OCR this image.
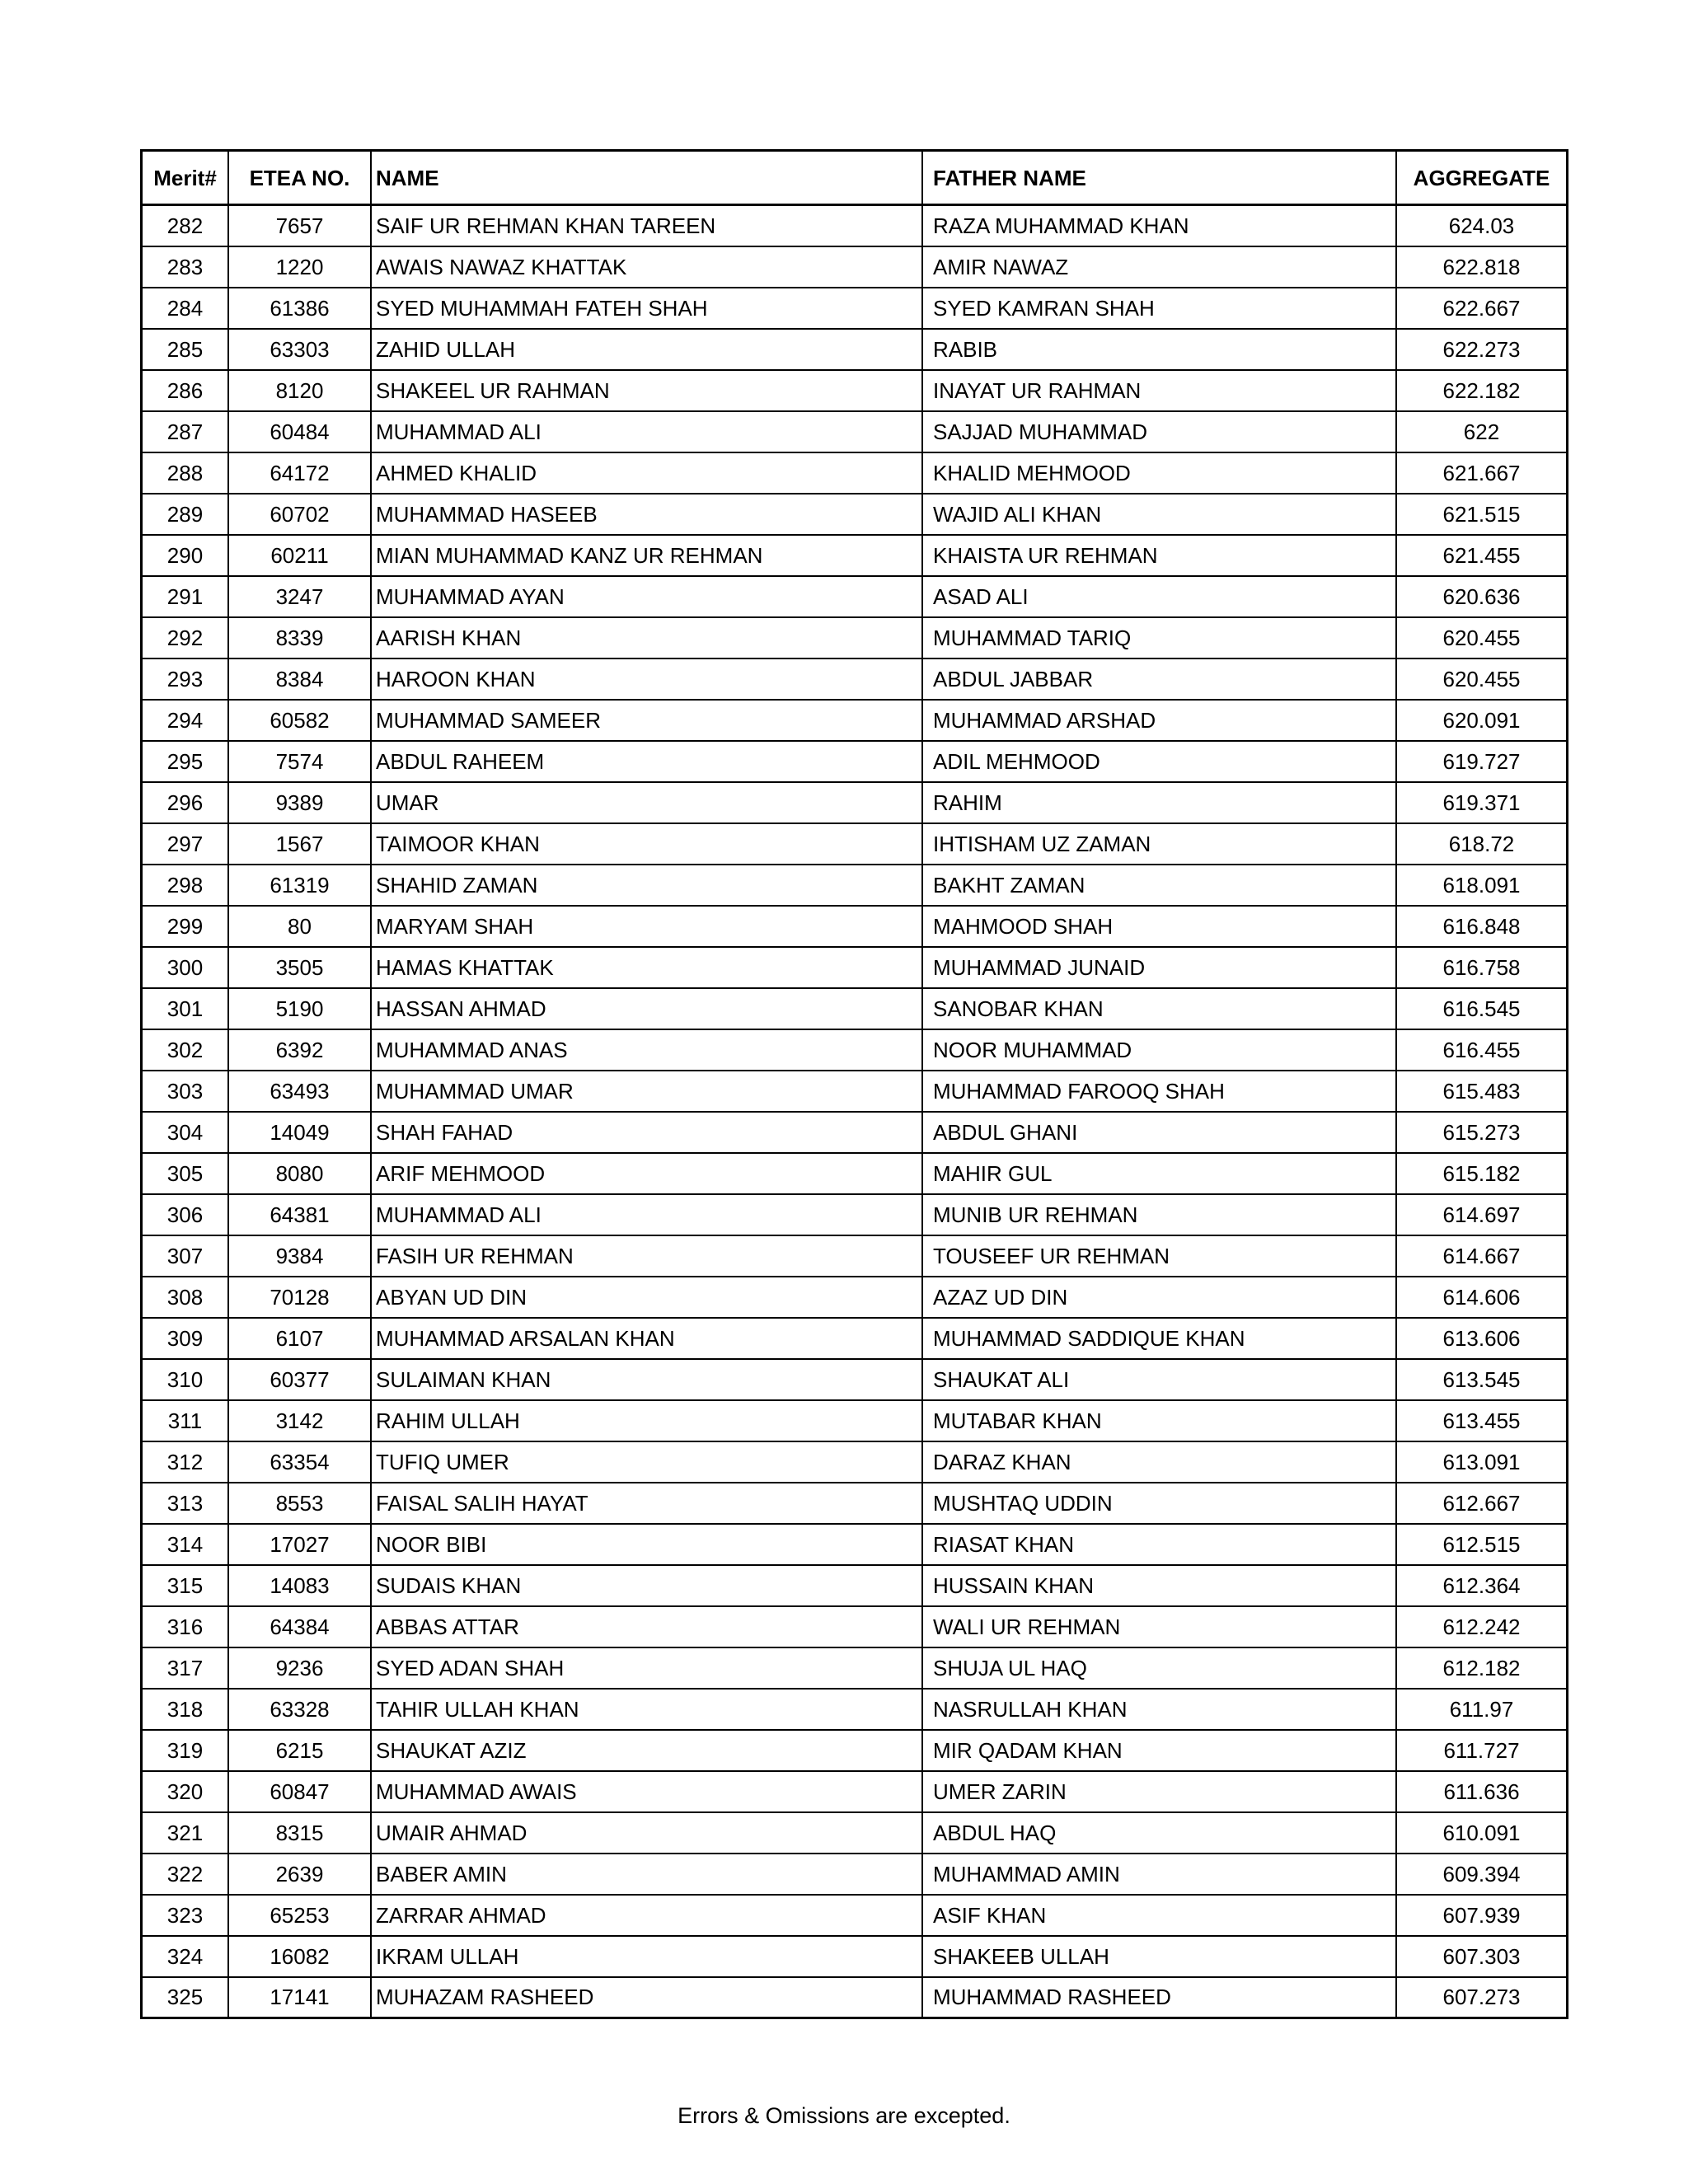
Merit#	ETEA NO.	NAME	FATHER NAME	AGGREGATE
282	7657	SAIF UR REHMAN KHAN TAREEN	RAZA MUHAMMAD KHAN	624.03
283	1220	AWAIS NAWAZ KHATTAK	AMIR NAWAZ	622.818
284	61386	SYED MUHAMMAH FATEH SHAH	SYED KAMRAN SHAH	622.667
285	63303	ZAHID ULLAH	RABIB	622.273
286	8120	SHAKEEL UR RAHMAN	INAYAT UR RAHMAN	622.182
287	60484	MUHAMMAD ALI	SAJJAD MUHAMMAD	622
288	64172	AHMED KHALID	KHALID MEHMOOD	621.667
289	60702	MUHAMMAD HASEEB	WAJID ALI KHAN	621.515
290	60211	MIAN MUHAMMAD KANZ UR REHMAN	KHAISTA UR REHMAN	621.455
291	3247	MUHAMMAD AYAN	ASAD ALI	620.636
292	8339	AARISH KHAN	MUHAMMAD TARIQ	620.455
293	8384	HAROON KHAN	ABDUL JABBAR	620.455
294	60582	MUHAMMAD SAMEER	MUHAMMAD ARSHAD	620.091
295	7574	ABDUL RAHEEM	ADIL MEHMOOD	619.727
296	9389	UMAR	RAHIM	619.371
297	1567	TAIMOOR KHAN	IHTISHAM UZ ZAMAN	618.72
298	61319	SHAHID ZAMAN	BAKHT ZAMAN	618.091
299	80	MARYAM SHAH	MAHMOOD SHAH	616.848
300	3505	HAMAS KHATTAK	MUHAMMAD JUNAID	616.758
301	5190	HASSAN AHMAD	SANOBAR KHAN	616.545
302	6392	MUHAMMAD ANAS	NOOR MUHAMMAD	616.455
303	63493	MUHAMMAD UMAR	MUHAMMAD FAROOQ SHAH	615.483
304	14049	SHAH FAHAD	ABDUL GHANI	615.273
305	8080	ARIF MEHMOOD	MAHIR GUL	615.182
306	64381	MUHAMMAD ALI	MUNIB UR REHMAN	614.697
307	9384	FASIH UR REHMAN	TOUSEEF UR REHMAN	614.667
308	70128	ABYAN UD DIN	AZAZ UD DIN	614.606
309	6107	MUHAMMAD ARSALAN KHAN	MUHAMMAD SADDIQUE KHAN	613.606
310	60377	SULAIMAN KHAN	SHAUKAT ALI	613.545
311	3142	RAHIM ULLAH	MUTABAR KHAN	613.455
312	63354	TUFIQ UMER	DARAZ KHAN	613.091
313	8553	FAISAL SALIH HAYAT	MUSHTAQ UDDIN	612.667
314	17027	NOOR BIBI	RIASAT KHAN	612.515
315	14083	SUDAIS KHAN	HUSSAIN KHAN	612.364
316	64384	ABBAS ATTAR	WALI UR REHMAN	612.242
317	9236	SYED ADAN SHAH	SHUJA UL HAQ	612.182
318	63328	TAHIR ULLAH KHAN	NASRULLAH KHAN	611.97
319	6215	SHAUKAT AZIZ	MIR QADAM KHAN	611.727
320	60847	MUHAMMAD AWAIS	UMER ZARIN	611.636
321	8315	UMAIR AHMAD	ABDUL HAQ	610.091
322	2639	BABER AMIN	MUHAMMAD AMIN	609.394
323	65253	ZARRAR AHMAD	ASIF KHAN	607.939
324	16082	IKRAM ULLAH	SHAKEEB ULLAH	607.303
325	17141	MUHAZAM RASHEED	MUHAMMAD RASHEED	607.273
Errors & Omissions are excepted.
